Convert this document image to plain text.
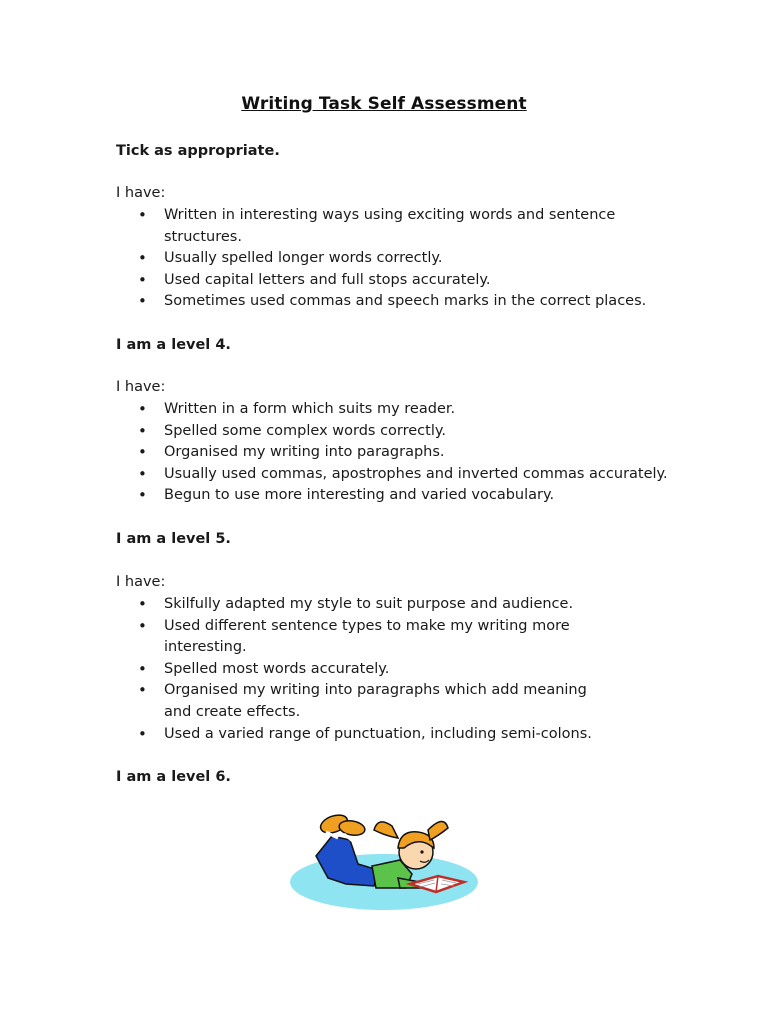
Writing Task Self Assessment
Tick as appropriate.
I have:
• Written in interesting ways using exciting words and sentence structures.
• Usually spelled longer words correctly.
• Used capital letters and full stops accurately.
• Sometimes used commas and speech marks in the correct places.
I am a level 4.
I have:
• Written in a form which suits my reader.
• Spelled some complex words correctly.
• Organised my writing into paragraphs.
• Usually used commas, apostrophes and inverted commas accurately.
• Begun to use more interesting and varied vocabulary.
I am a level 5.
I have:
• Skilfully adapted my style to suit purpose and audience.
• Used different sentence types to make my writing more interesting.
• Spelled most words accurately.
• Organised my writing into paragraphs which add meaning and create effects.
• Used a varied range of punctuation, including semi-colons.
I am a level 6.
